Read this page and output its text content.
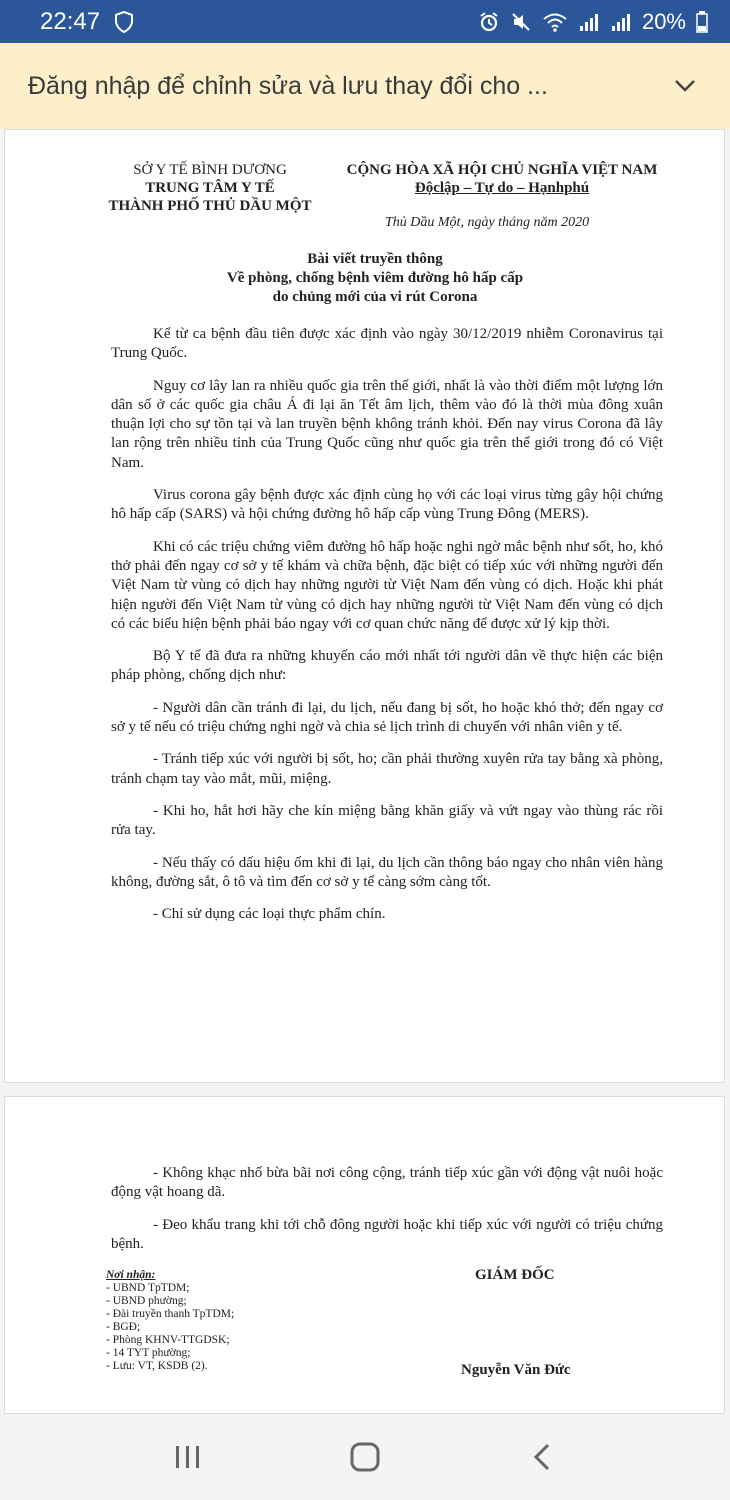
22:47	20%
Đăng nhập để chỉnh sửa và lưu thay đổi cho ...
SỞ Y TẾ BÌNH DƯƠNG
TRUNG TÂM Y TẾ
THÀNH PHỐ THỦ DẦU MỘT
CỘNG HÒA XÃ HỘI CHỦ NGHĨA VIỆT NAM
Độclập – Tự do – Hạnhphú
Thủ Dầu Một, ngày tháng năm 2020
Bài viết truyền thông
Về phòng, chống bệnh viêm đường hô hấp cấp
do chủng mới của vi rút Corona

Kể từ ca bệnh đầu tiên được xác định vào ngày 30/12/2019 nhiễm Coronavirus tại Trung Quốc.

Nguy cơ lây lan ra nhiều quốc gia trên thế giới, nhất là vào thời điểm một lượng lớn dân số ở các quốc gia châu Á đi lại ăn Tết âm lịch, thêm vào đó là thời mùa đông xuân thuận lợi cho sự tồn tại và lan truyền bệnh không tránh khỏi. Đến nay virus Corona đã lây lan rộng trên nhiều tỉnh của Trung Quốc cũng như quốc gia trên thế giới trong đó có Việt Nam.

Virus corona gây bệnh được xác định cùng họ với các loại virus từng gây hội chứng hô hấp cấp (SARS) và hội chứng đường hô hấp cấp vùng Trung Đông (MERS).

Khi có các triệu chứng viêm đường hô hấp hoặc nghi ngờ mắc bệnh như sốt, ho, khó thở phải đến ngay cơ sở y tế khám và chữa bệnh, đặc biệt có tiếp xúc với những người đến Việt Nam từ vùng có dịch hay những người từ Việt Nam đến vùng có dịch. Hoặc khi phát hiện người đến Việt Nam từ vùng có dịch hay những người từ Việt Nam đến vùng có dịch có các biểu hiện bệnh phải báo ngay với cơ quan chức năng để được xử lý kịp thời.

Bộ Y tế đã đưa ra những khuyến cáo mới nhất tới người dân về thực hiện các biện pháp phòng, chống dịch như:

- Người dân cần tránh đi lại, du lịch, nếu đang bị sốt, ho hoặc khó thở; đến ngay cơ sở y tế nếu có triệu chứng nghi ngờ và chia sẻ lịch trình di chuyển với nhân viên y tế.

- Tránh tiếp xúc với người bị sốt, ho; cần phải thường xuyên rửa tay bằng xà phòng, tránh chạm tay vào mắt, mũi, miệng.

- Khi ho, hắt hơi hãy che kín miệng bằng khăn giấy và vứt ngay vào thùng rác rồi rửa tay.

- Nếu thấy có dấu hiệu ốm khi đi lại, du lịch cần thông báo ngay cho nhân viên hàng không, đường sắt, ô tô và tìm đến cơ sở y tế càng sớm càng tốt.

- Chỉ sử dụng các loại thực phẩm chín.

- Không khạc nhổ bừa bãi nơi công cộng, tránh tiếp xúc gần với động vật nuôi hoặc động vật hoang dã.

- Đeo khẩu trang khi tới chỗ đông người hoặc khi tiếp xúc với người có triệu chứng bệnh.

Nơi nhận:
- UBND TpTDM;
- UBND phường;
- Đài truyền thanh TpTDM;
- BGĐ;
- Phòng KHNV-TTGDSK;
- 14 TYT phường;
- Lưu: VT, KSDB (2).
GIÁM ĐỐC
Nguyễn Văn Đức
